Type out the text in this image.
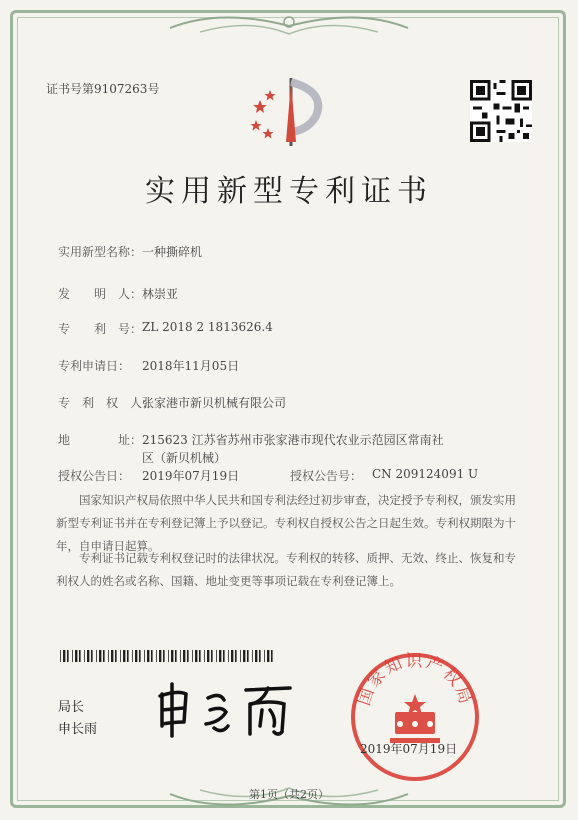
证书号第9107263号
实用新型专利证书
实用新型名称： 一种撕碎机
发　　明　人： 林崇亚
专　　利　号： ZL 2018 2 1813626.4
专利申请日： 2018年11月05日
专　利　权　人：
张家港市新贝机械有限公司
地　　　　址： 215623 江苏省苏州市张家港市现代农业示范园区常南社
区（新贝机械）
授权公告日： 2019年07月19日	授权公告号： CN 209124091 U

国家知识产权局依照中华人民共和国专利法经过初步审查，决定授予专利权，颁发实用新型专利证书并在专利登记簿上予以登记。专利权自授权公告之日起生效。专利权期限为十年，自申请日起算。

专利证书记载专利权登记时的法律状况。专利权的转移、质押、无效、终止、恢复和专利权人的姓名或名称、国籍、地址变更等事项记载在专利登记簿上。

局长
申长雨
国家知识产权局
2019年07月19日
第1页（共2页）
